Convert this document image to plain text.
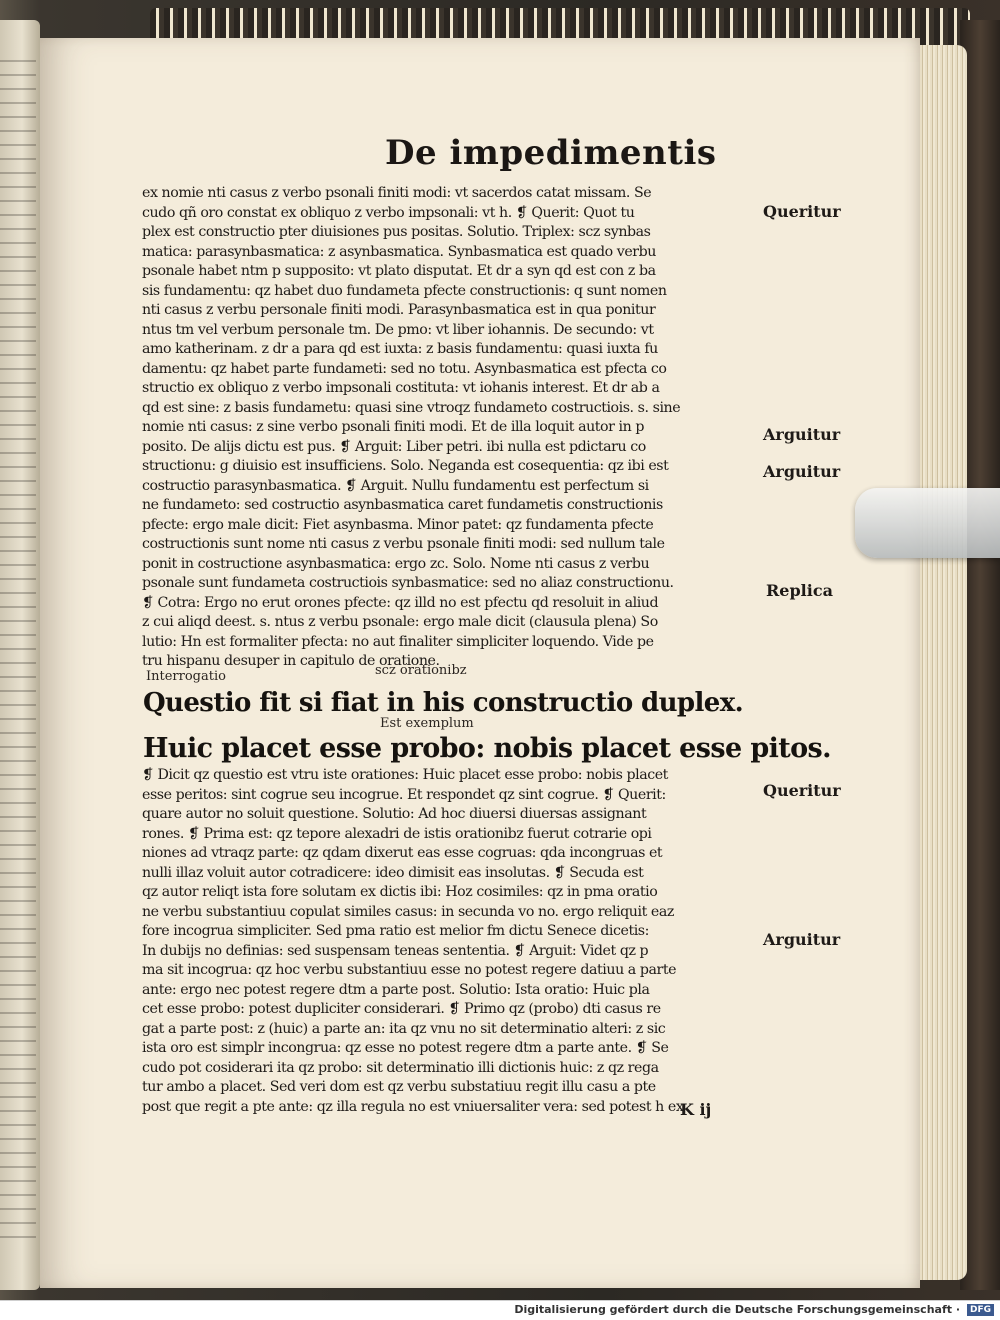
De impedimentis
ex nomie nti casus z verbo psonali finiti modi: vt sacerdos catat missam. Se
cudo qñ oro constat ex obliquo z verbo impsonali: vt h. ❡ Querit: Quot tu
plex est constructio pter diuisiones pus positas. Solutio. Triplex: scz synbas
matica: parasynbasmatica: z asynbasmatica. Synbasmatica est quado verbu
psonale habet ntm p supposito: vt plato disputat. Et dr a syn qd est con z ba
sis fundamentu: qz habet duo fundameta pfecte constructionis: q sunt nomen
nti casus z verbu personale finiti modi. Parasynbasmatica est in qua ponitur
ntus tm vel verbum personale tm. De pmo: vt liber iohannis. De secundo: vt
amo katherinam. z dr a para qd est iuxta: z basis fundamentu: quasi iuxta fu
damentu: qz habet parte fundameti: sed no totu. Asynbasmatica est pfecta co
structio ex obliquo z verbo impsonali costituta: vt iohanis interest. Et dr ab a
qd est sine: z basis fundametu: quasi sine vtroqz fundameto costructiois. s. sine
nomie nti casus: z sine verbo psonali finiti modi. Et de illa loquit autor in p
posito. De alijs dictu est pus. ❡ Arguit: Liber petri. ibi nulla est pdictaru co
structionu: g diuisio est insufficiens. Solo. Neganda est cosequentia: qz ibi est
costructio parasynbasmatica. ❡ Arguit. Nullu fundamentu est perfectum si
ne fundameto: sed costructio asynbasmatica caret fundametis constructionis
pfecte: ergo male dicit: Fiet asynbasma. Minor patet: qz fundamenta pfecte
costructionis sunt nome nti casus z verbu psonale finiti modi: sed nullum tale
ponit in costructione asynbasmatica: ergo zc. Solo. Nome nti casus z verbu
psonale sunt fundameta costructiois synbasmatice: sed no aliaz constructionu.
❡ Cotra: Ergo no erut orones pfecte: qz illd no est pfectu qd resoluit in aliud
z cui aliqd deest. s. ntus z verbu psonale: ergo male dicit (clausula plena) So
lutio: Hn est formaliter pfecta: no aut finaliter simpliciter loquendo. Vide pe
tru hispanu desuper in capitulo de oratione.
Interrogatio	scz orationibz
Questio fit si fiat in his constructio duplex.
Est exemplum
Huic placet esse probo: nobis placet esse pitos.
❡ Dicit qz questio est vtru iste orationes: Huic placet esse probo: nobis placet
esse peritos: sint cogrue seu incogrue. Et respondet qz sint cogrue. ❡ Querit:
quare autor no soluit questione. Solutio: Ad hoc diuersi diuersas assignant
rones. ❡ Prima est: qz tepore alexadri de istis orationibz fuerut cotrarie opi
niones ad vtraqz parte: qz qdam dixerut eas esse cogruas: qda incongruas et
nulli illaz voluit autor cotradicere: ideo dimisit eas insolutas. ❡ Secuda est
qz autor reliqt ista fore solutam ex dictis ibi: Hoz cosimiles: qz in pma oratio
ne verbu substantiuu copulat similes casus: in secunda vo no. ergo reliquit eaz
fore incogrua simpliciter. Sed pma ratio est melior fm dictu Senece dicetis:
In dubijs no definias: sed suspensam teneas sententia. ❡ Arguit: Videt qz p
ma sit incogrua: qz hoc verbu substantiuu esse no potest regere datiuu a parte
ante: ergo nec potest regere dtm a parte post. Solutio: Ista oratio: Huic pla
cet esse probo: potest dupliciter considerari. ❡ Primo qz (probo) dti casus re
gat a parte post: z (huic) a parte an: ita qz vnu no sit determinatio alteri: z sic
ista oro est simplr incongrua: qz esse no potest regere dtm a parte ante. ❡ Se
cudo pot cosiderari ita qz probo: sit determinatio illi dictionis huic: z qz rega
tur ambo a placet. Sed veri dom est qz verbu substatiuu regit illu casu a pte
post que regit a pte ante: qz illa regula no est vniuersaliter vera: sed potest h ex
Queritur
Arguitur
Arguitur
Replica
Queritur
Arguitur
K ij
Digitalisierung gefördert durch die Deutsche Forschungsgemeinschaft ·	DFG
